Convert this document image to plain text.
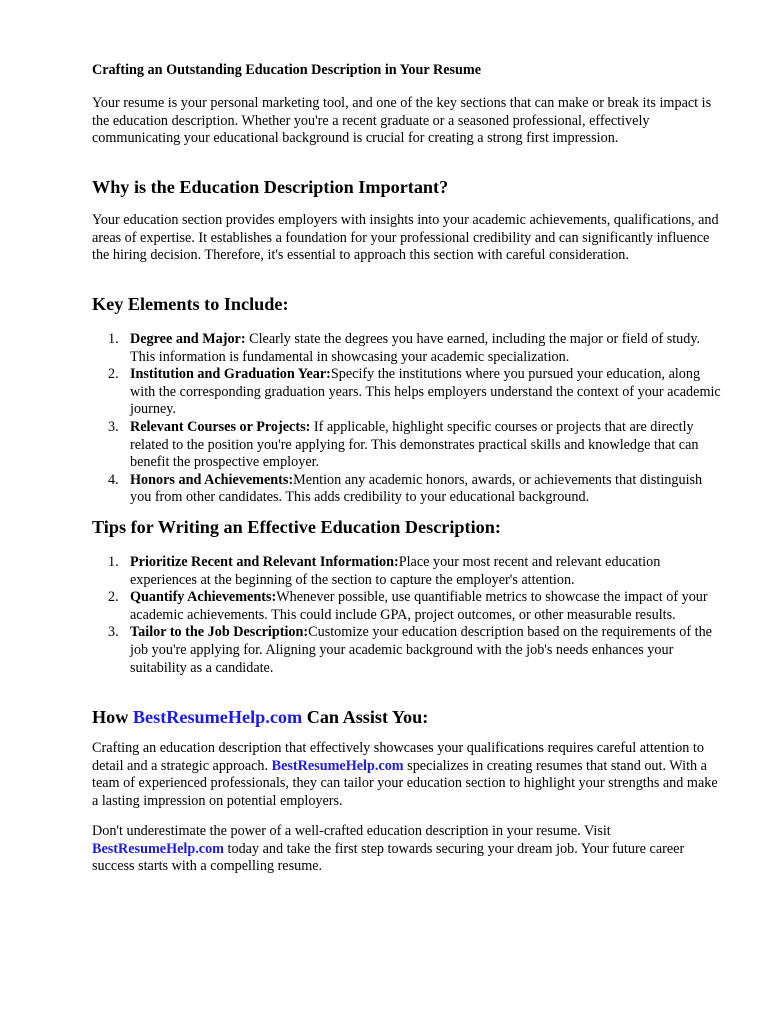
Crafting an Outstanding Education Description in Your Resume

Your resume is your personal marketing tool, and one of the key sections that can make or break its impact is the education description. Whether you're a recent graduate or a seasoned professional, effectively communicating your educational background is crucial for creating a strong first impression.

Why is the Education Description Important?

Your education section provides employers with insights into your academic achievements, qualifications, and areas of expertise. It establishes a foundation for your professional credibility and can significantly influence the hiring decision. Therefore, it's essential to approach this section with careful consideration.

Key Elements to Include:
1. Degree and Major: Clearly state the degrees you have earned, including the major or field of study. This information is fundamental in showcasing your academic specialization.
2. Institution and Graduation Year:Specify the institutions where you pursued your education, along with the corresponding graduation years. This helps employers understand the context of your academic journey.
3. Relevant Courses or Projects: If applicable, highlight specific courses or projects that are directly related to the position you're applying for. This demonstrates practical skills and knowledge that can benefit the prospective employer.
4. Honors and Achievements:Mention any academic honors, awards, or achievements that distinguish you from other candidates. This adds credibility to your educational background.
Tips for Writing an Effective Education Description:
1. Prioritize Recent and Relevant Information:Place your most recent and relevant education experiences at the beginning of the section to capture the employer's attention.
2. Quantify Achievements:Whenever possible, use quantifiable metrics to showcase the impact of your academic achievements. This could include GPA, project outcomes, or other measurable results.
3. Tailor to the Job Description:Customize your education description based on the requirements of the job you're applying for. Aligning your academic background with the job's needs enhances your suitability as a candidate.
How BestResumeHelp.com Can Assist You:

Crafting an education description that effectively showcases your qualifications requires careful attention to detail and a strategic approach. BestResumeHelp.com specializes in creating resumes that stand out. With a team of experienced professionals, they can tailor your education section to highlight your strengths and make a lasting impression on potential employers.

Don't underestimate the power of a well-crafted education description in your resume. Visit BestResumeHelp.com today and take the first step towards securing your dream job. Your future career success starts with a compelling resume.
